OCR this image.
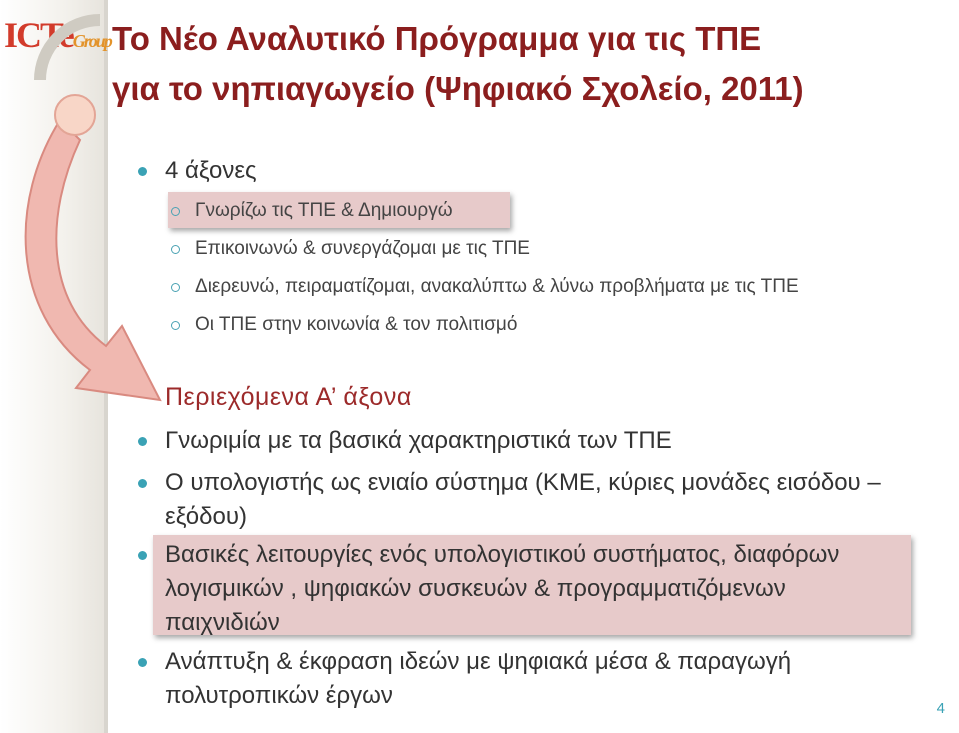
ICTeGroup Το Νέο Αναλυτικό Πρόγραμμα για τις ΤΠΕ
για το νηπιαγωγείο (Ψηφιακό Σχολείο, 2011)
4 άξονες
Γνωρίζω τις ΤΠΕ & Δημιουργώ
Επικοινωνώ & συνεργάζομαι με τις ΤΠΕ
Διερευνώ, πειραματίζομαι, ανακαλύπτω & λύνω προβλήματα με τις ΤΠΕ
Οι ΤΠΕ στην κοινωνία & τον πολιτισμό
Περιεχόμενα Α’ άξονα
Γνωριμία με τα βασικά χαρακτηριστικά των ΤΠΕ
Ο υπολογιστής ως ενιαίο σύστημα (ΚΜΕ, κύριες μονάδες εισόδου – εξόδου)
Βασικές λειτουργίες ενός υπολογιστικού συστήματος, διαφόρων λογισμικών , ψηφιακών συσκευών & προγραμματιζόμενων παιχνιδιών
Ανάπτυξη & έκφραση ιδεών με ψηφιακά μέσα & παραγωγή πολυτροπικών έργων	4
